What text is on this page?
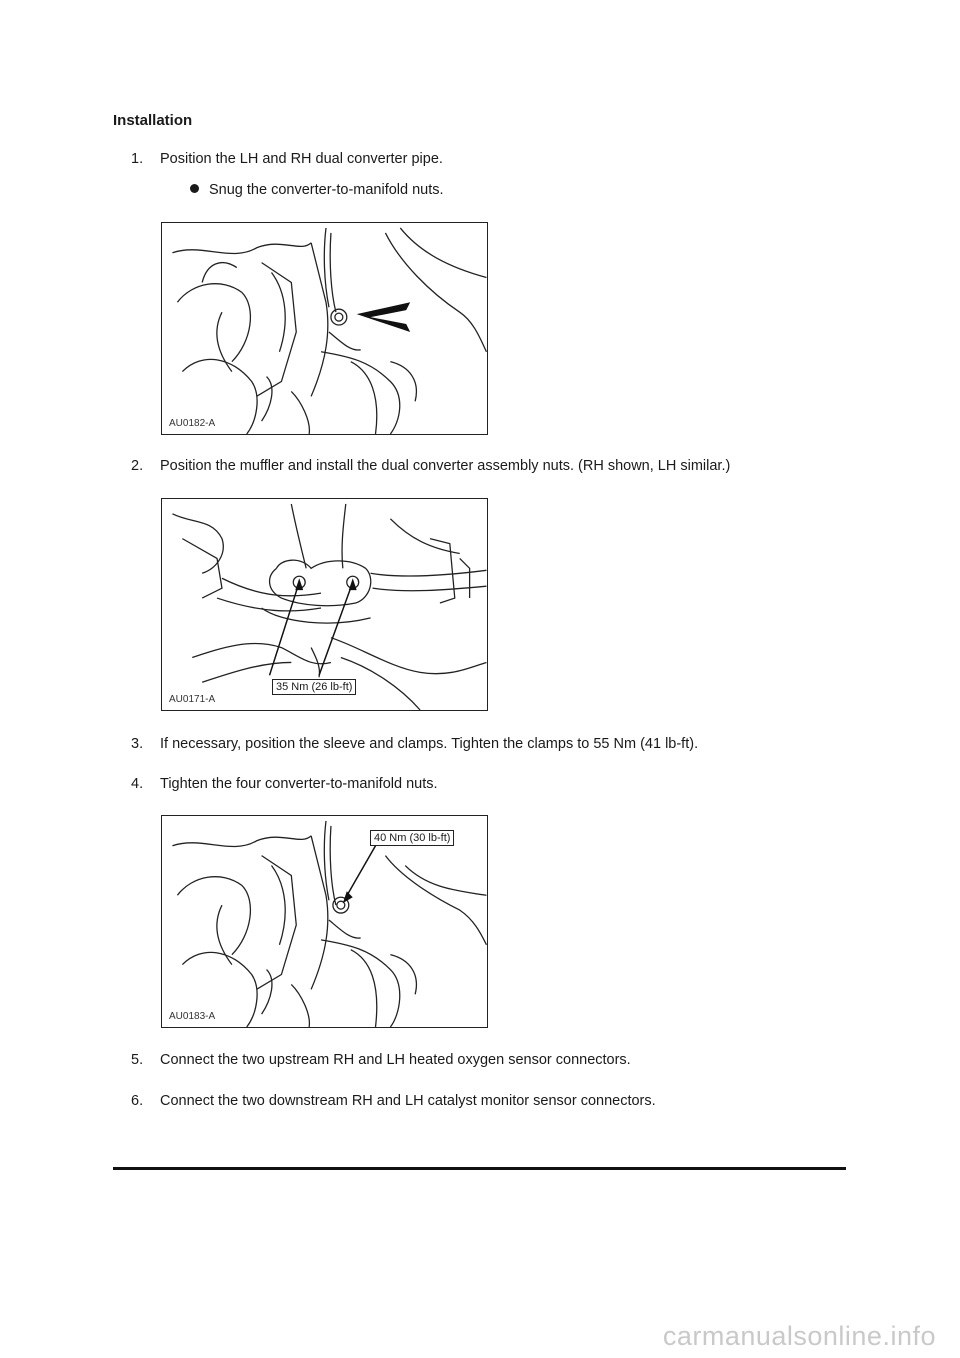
Installation
1. Position the LH and RH dual converter pipe.
Snug the converter-to-manifold nuts.
AU0182-A
2. Position the muffler and install the dual converter assembly nuts. (RH shown, LH similar.)
AU0171-A
35 Nm (26 lb-ft)
3. If necessary, position the sleeve and clamps. Tighten the clamps to 55 Nm (41 lb-ft).
4. Tighten the four converter-to-manifold nuts.
AU0183-A
40 Nm (30 lb-ft)
5. Connect the two upstream RH and LH heated oxygen sensor connectors.
6. Connect the two downstream RH and LH catalyst monitor sensor connectors.
carmanualsonline.info
